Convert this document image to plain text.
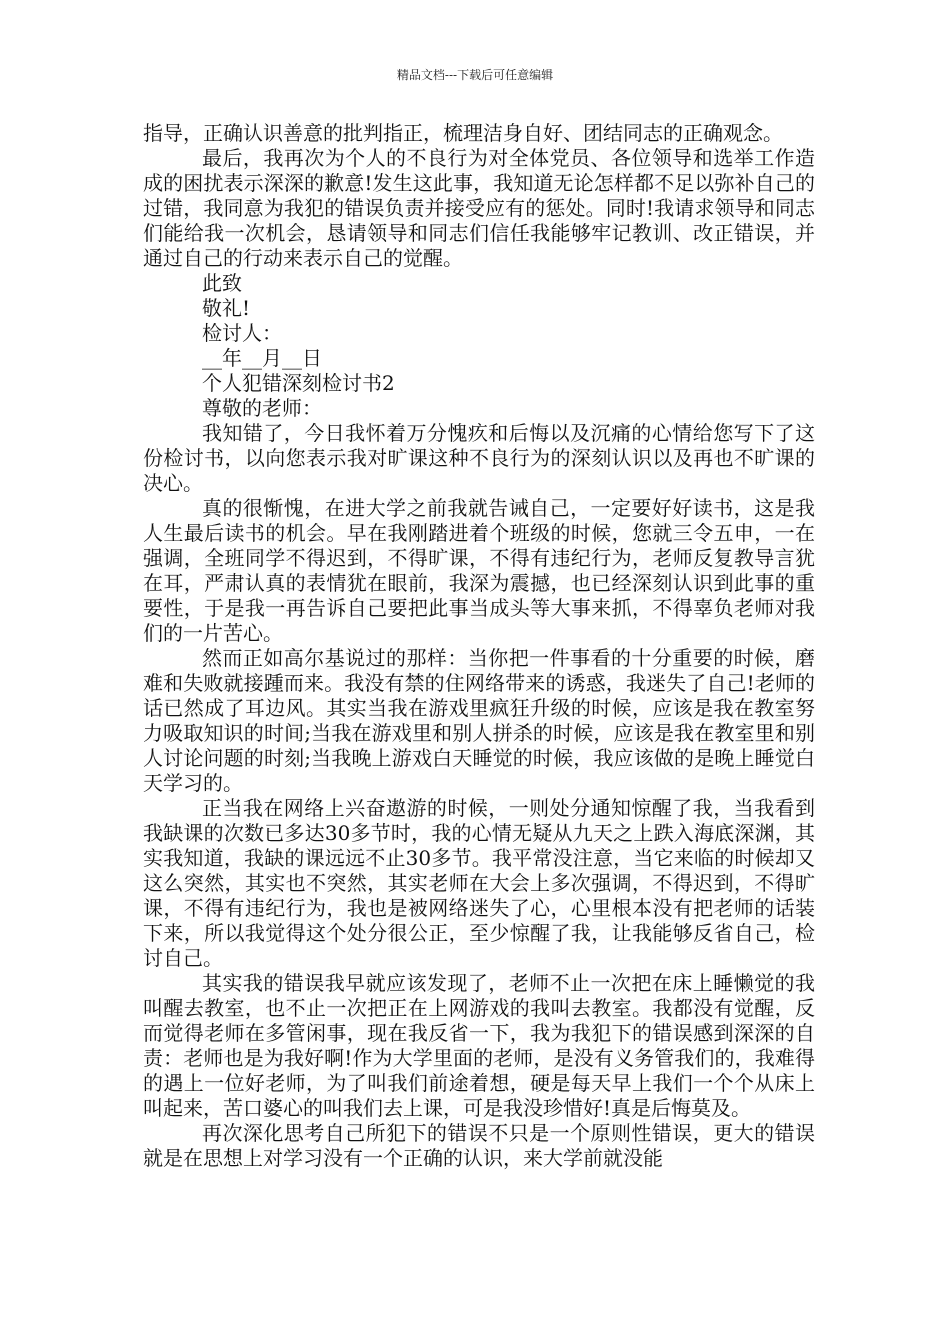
精品文档---下载后可任意编辑

指导，正确认识善意的批判指正，梳理洁身自好、团结同志的正确观念。

最后，我再次为个人的不良行为对全体党员、各位领导和选举工作造成的困扰表示深深的歉意!发生这此事，我知道无论怎样都不足以弥补自己的过错，我同意为我犯的错误负责并接受应有的惩处。同时!我请求领导和同志们能给我一次机会，恳请领导和同志们信任我能够牢记教训、改正错误，并通过自己的行动来表示自己的觉醒。

此致

敬礼!

检讨人：

__年__月__日

个人犯错深刻检讨书2

尊敬的老师：

我知错了，今日我怀着万分愧疚和后悔以及沉痛的心情给您写下了这份检讨书，以向您表示我对旷课这种不良行为的深刻认识以及再也不旷课的决心。

真的很惭愧，在进大学之前我就告诫自己，一定要好好读书，这是我人生最后读书的机会。早在我刚踏进着个班级的时候，您就三令五申，一在强调，全班同学不得迟到，不得旷课，不得有违纪行为，老师反复教导言犹在耳，严肃认真的表情犹在眼前，我深为震撼，也已经深刻认识到此事的重要性，于是我一再告诉自己要把此事当成头等大事来抓，不得辜负老师对我们的一片苦心。

然而正如高尔基说过的那样：当你把一件事看的十分重要的时候，磨难和失败就接踵而来。我没有禁的住网络带来的诱惑，我迷失了自己!老师的话已然成了耳边风。其实当我在游戏里疯狂升级的时候，应该是我在教室努力吸取知识的时间;当我在游戏里和别人拼杀的时候，应该是我在教室里和别人讨论问题的时刻;当我晚上游戏白天睡觉的时候，我应该做的是晚上睡觉白天学习的。

正当我在网络上兴奋遨游的时候，一则处分通知惊醒了我，当我看到我缺课的次数已多达30多节时，我的心情无疑从九天之上跌入海底深渊，其实我知道，我缺的课远远不止30多节。我平常没注意，当它来临的时候却又这么突然，其实也不突然，其实老师在大会上多次强调，不得迟到，不得旷课，不得有违纪行为，我也是被网络迷失了心，心里根本没有把老师的话装下来，所以我觉得这个处分很公正，至少惊醒了我，让我能够反省自己，检讨自己。

其实我的错误我早就应该发现了，老师不止一次把在床上睡懒觉的我叫醒去教室，也不止一次把正在上网游戏的我叫去教室。我都没有觉醒，反而觉得老师在多管闲事，现在我反省一下，我为我犯下的错误感到深深的自责：老师也是为我好啊!作为大学里面的老师，是没有义务管我们的，我难得的遇上一位好老师，为了叫我们前途着想，硬是每天早上我们一个个从床上叫起来，苦口婆心的叫我们去上课，可是我没珍惜好!真是后悔莫及。

再次深化思考自己所犯下的错误不只是一个原则性错误，更大的错误就是在思想上对学习没有一个正确的认识，来大学前就没能
